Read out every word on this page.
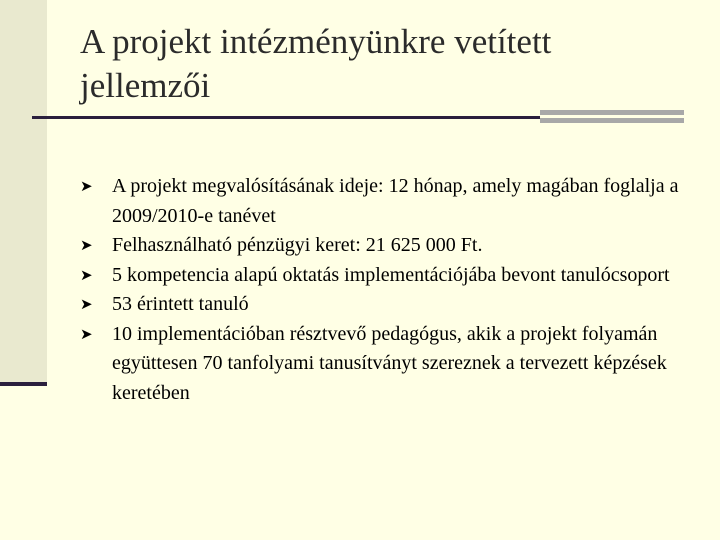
A projekt intézményünkre vetített jellemzői
➤ A projekt megvalósításának ideje: 12 hónap, amely magában foglalja a 2009/2010-e tanévet
➤ Felhasználható pénzügyi keret: 21 625 000 Ft.
➤ 5 kompetencia alapú oktatás implementációjába bevont tanulócsoport
➤ 53 érintett tanuló
➤ 10 implementációban résztvevő pedagógus, akik a projekt folyamán együttesen 70 tanfolyami tanusítványt szereznek a tervezett képzések keretében
